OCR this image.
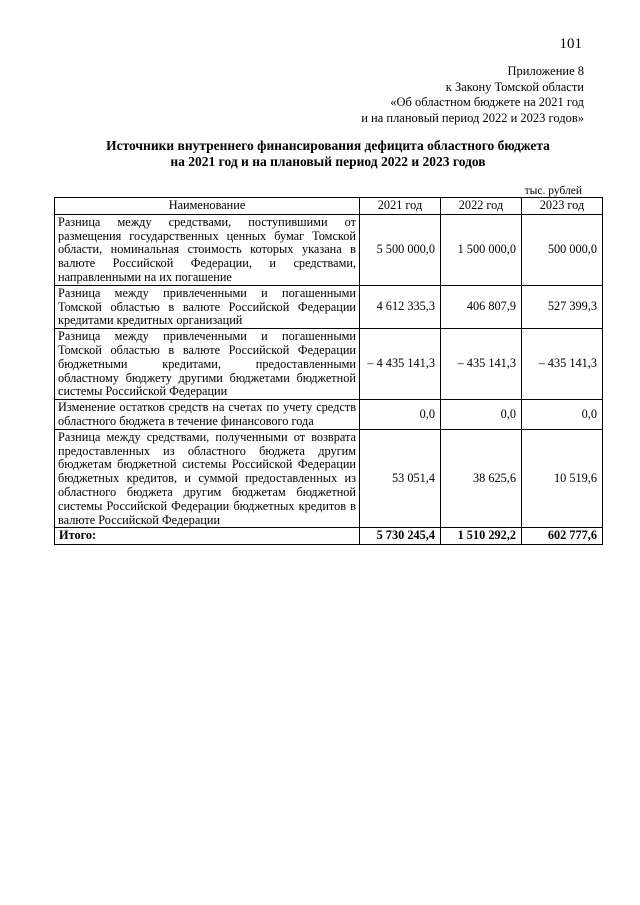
101
Приложение 8
к Закону Томской области
«Об областном бюджете на 2021 год
и на плановый период 2022 и 2023 годов»
Источники внутреннего финансирования дефицита областного бюджета
на 2021 год и на плановый период 2022 и 2023 годов
тыс. рублей
Наименование	2021 год	2022 год	2023 год
Разница между средствами, поступившими от размещения государственных ценных бумаг Томской области, номинальная стоимость которых указана в валюте Российской Федерации, и средствами, направленными на их погашение	5 500 000,0	1 500 000,0	500 000,0
Разница между привлеченными и погашенными Томской областью в валюте Российской Федерации кредитами кредитных организаций	4 612 335,3	406 807,9	527 399,3
Разница между привлеченными и погашенными Томской областью в валюте Российской Федерации бюджетными кредитами, предоставленными областному бюджету другими бюджетами бюджетной системы Российской Федерации	– 4 435 141,3	– 435 141,3	– 435 141,3
Изменение остатков средств на счетах по учету средств областного бюджета в течение финансового года	0,0	0,0	0,0
Разница между средствами, полученными от возврата предоставленных из областного бюджета другим бюджетам бюджетной системы Российской Федерации бюджетных кредитов, и суммой предоставленных из областного бюджета другим бюджетам бюджетной системы Российской Федерации бюджетных кредитов в валюте Российской Федерации	53 051,4	38 625,6	10 519,6
Итого:	5 730 245,4	1 510 292,2	602 777,6
